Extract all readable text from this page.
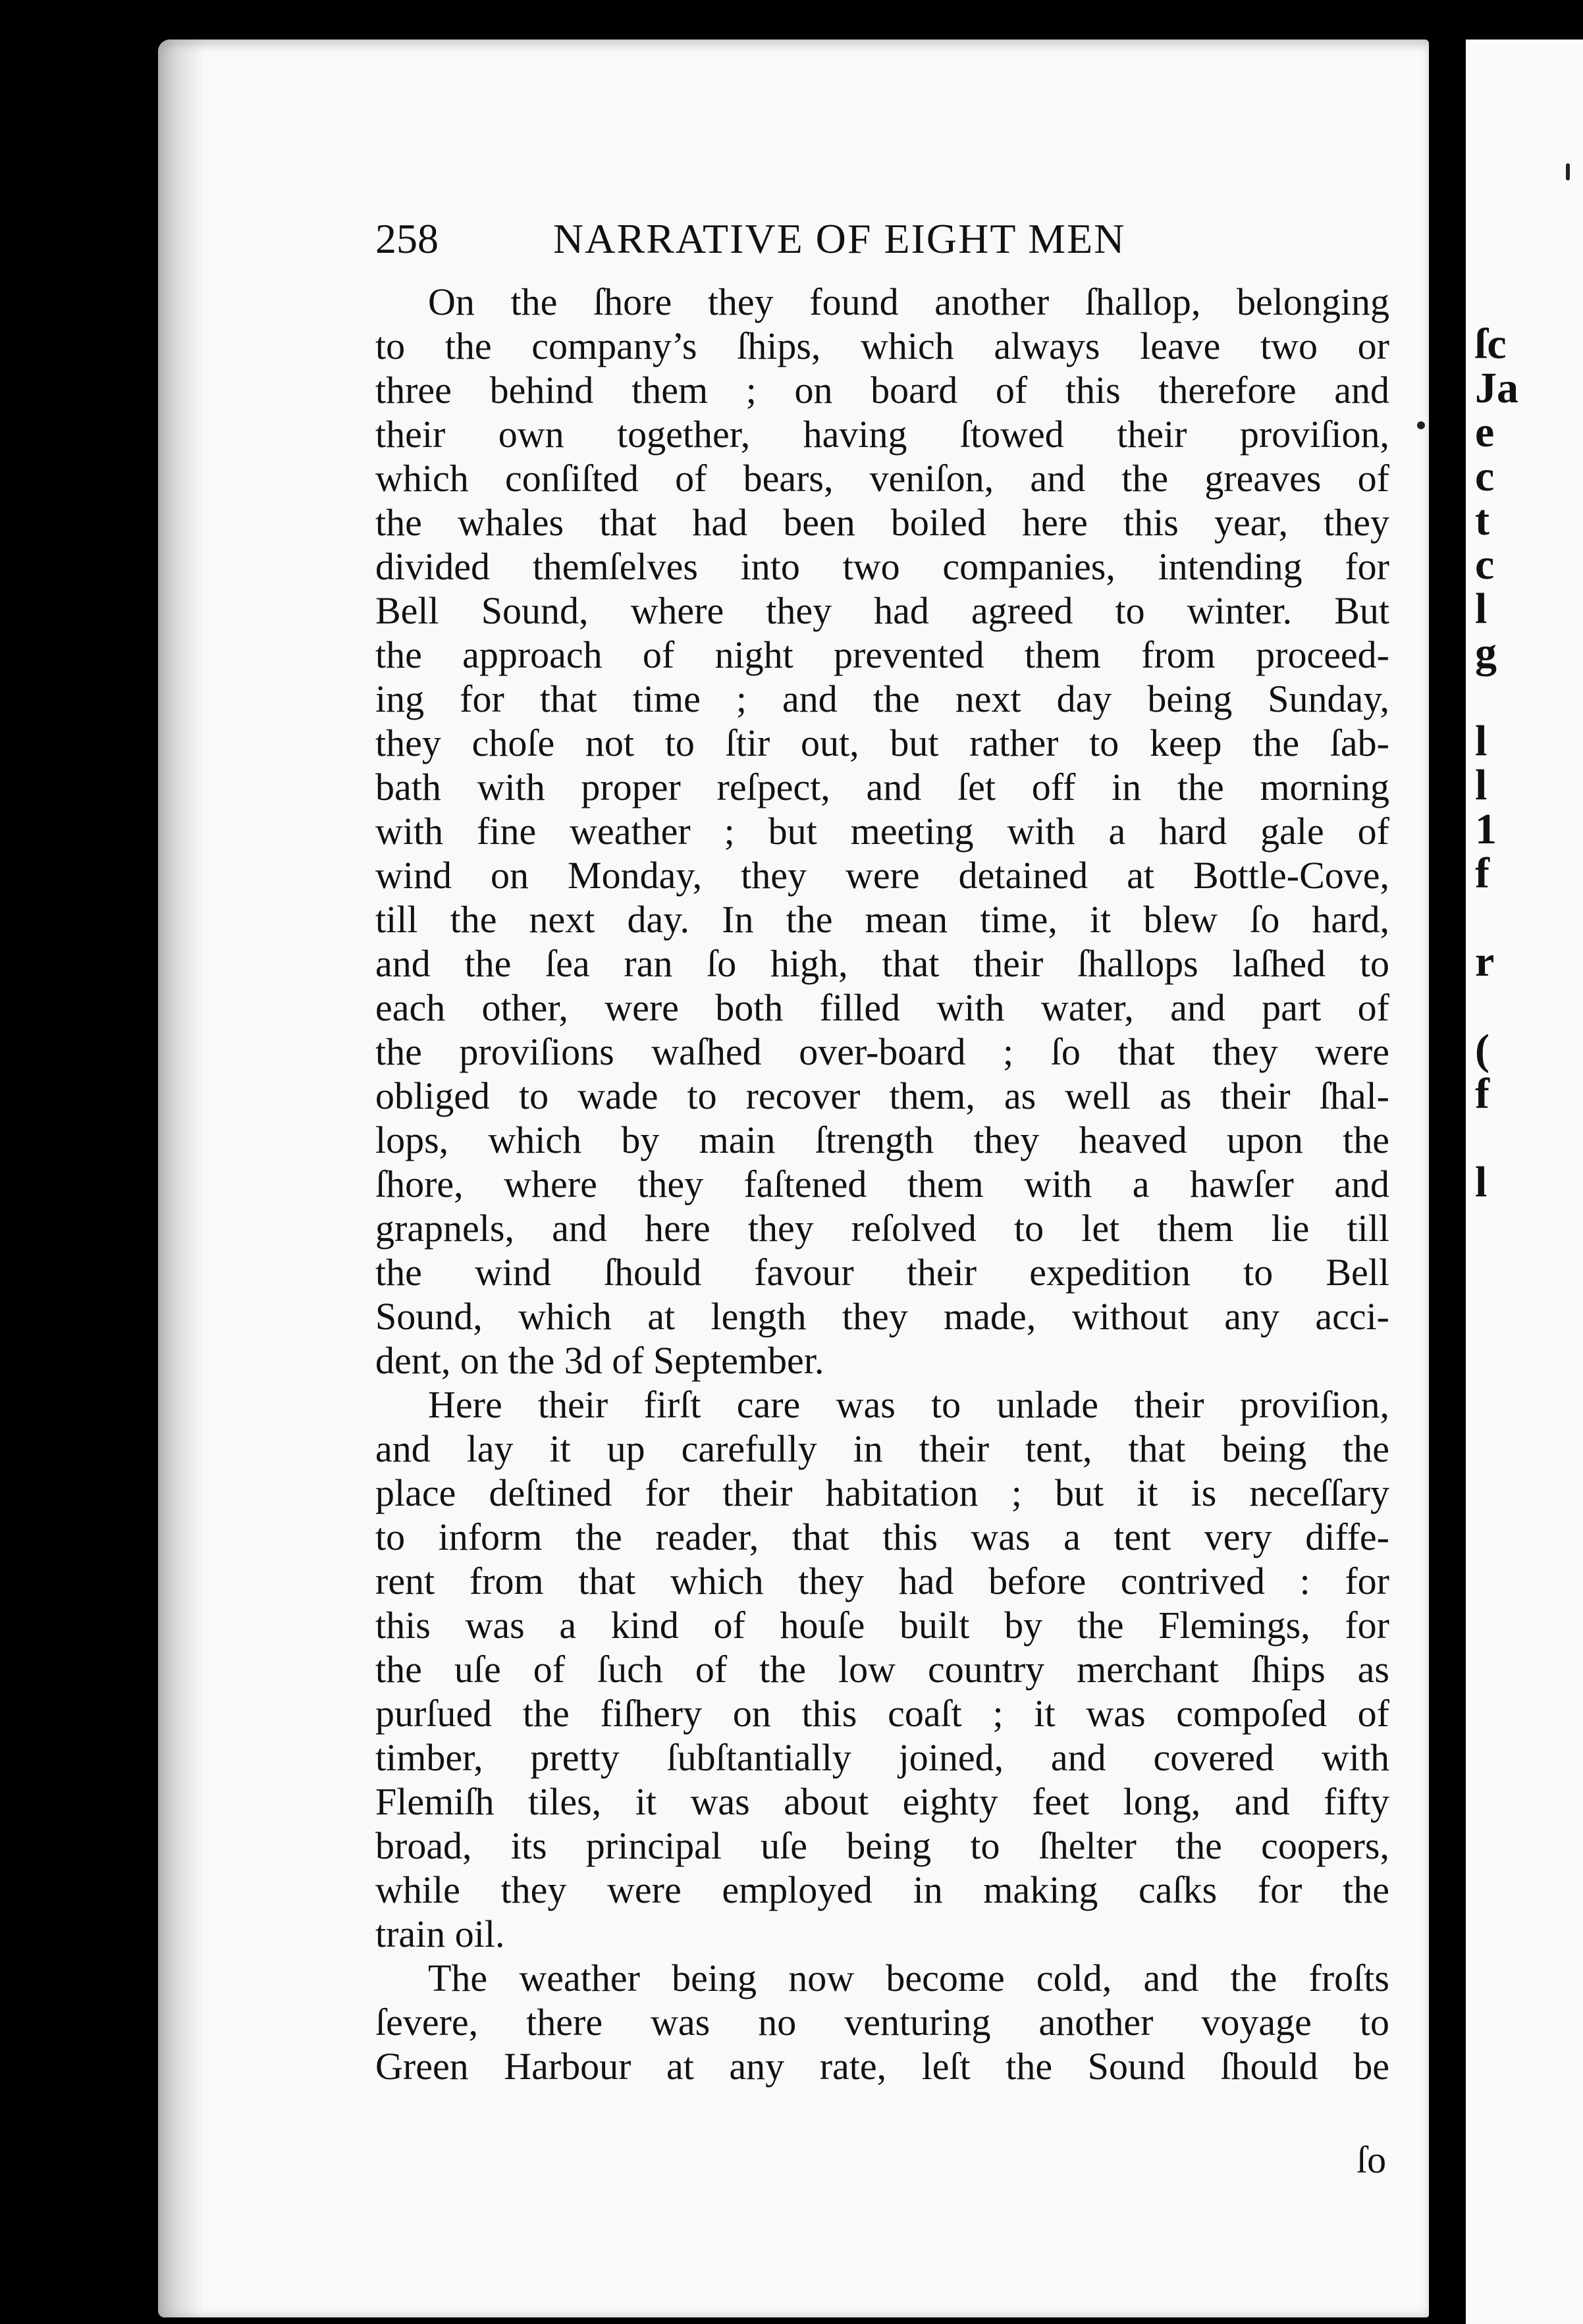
ſc
Ja
e
c
t
c
l
g
l
l
1
f
r
(
f
l
258	NARRATIVE OF EIGHT MEN
On the ſhore they found another ſhallop, belonging
to the company’s ſhips, which always leave two or
three behind them ; on board of this therefore and
their own together, having ſtowed their proviſion,
which conſiſted of bears, veniſon, and the greaves of
the whales that had been boiled here this year, they
divided themſelves into two companies, intending for
Bell Sound, where they had agreed to winter. But
the approach of night prevented them from proceed-
ing for that time ; and the next day being Sunday,
they choſe not to ſtir out, but rather to keep the ſab-
bath with proper reſpect, and ſet off in the morning
with fine weather ; but meeting with a hard gale of
wind on Monday, they were detained at Bottle-Cove,
till the next day. In the mean time, it blew ſo hard,
and the ſea ran ſo high, that their ſhallops laſhed to
each other, were both filled with water, and part of
the proviſions waſhed over-board ; ſo that they were
obliged to wade to recover them, as well as their ſhal-
lops, which by main ſtrength they heaved upon the
ſhore, where they faſtened them with a hawſer and
grapnels, and here they reſolved to let them lie till
the wind ſhould favour their expedition to Bell
Sound, which at length they made, without any acci-
dent, on the 3d of September.
Here their firſt care was to unlade their proviſion,
and lay it up carefully in their tent, that being the
place deſtined for their habitation ; but it is neceſſary
to inform the reader, that this was a tent very diffe-
rent from that which they had before contrived : for
this was a kind of houſe built by the Flemings, for
the uſe of ſuch of the low country merchant ſhips as
purſued the fiſhery on this coaſt ; it was compoſed of
timber, pretty ſubſtantially joined, and covered with
Flemiſh tiles, it was about eighty feet long, and fifty
broad, its principal uſe being to ſhelter the coopers,
while they were employed in making caſks for the
train oil.
The weather being now become cold, and the froſts
ſevere, there was no venturing another voyage to
Green Harbour at any rate, leſt the Sound ſhould be
ſo
